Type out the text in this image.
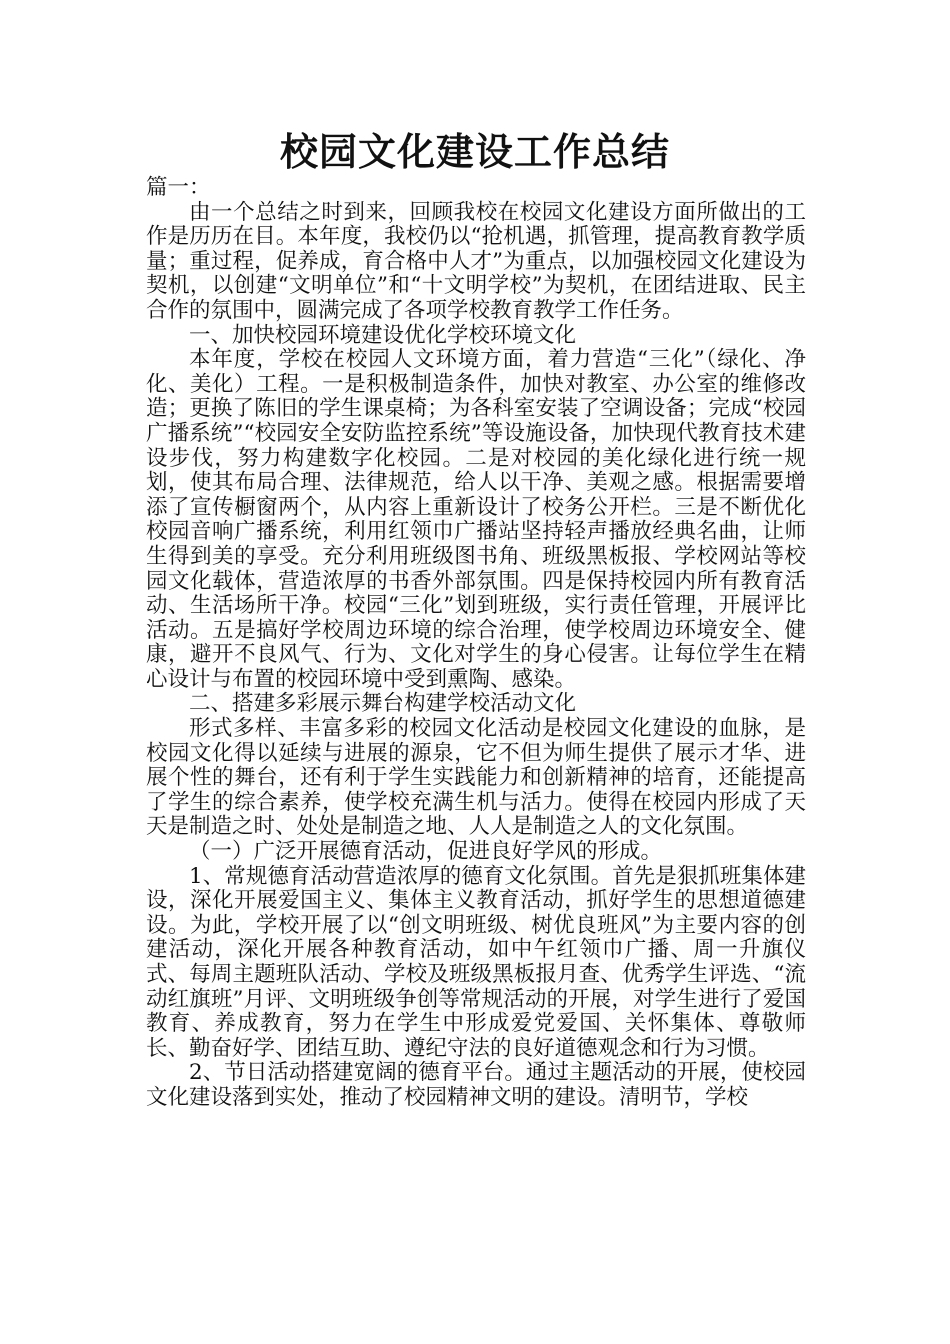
校园文化建设工作总结

篇一：

由一个总结之时到来，回顾我校在校园文化建设方面所做出的工作是历历在目。本年度，我校仍以“抢机遇，抓管理，提高教育教学质量；重过程，促养成，育合格中人才”为重点，以加强校园文化建设为契机，以创建“文明单位”和“十文明学校”为契机，在团结进取、民主合作的氛围中，圆满完成了各项学校教育教学工作任务。

一、加快校园环境建设优化学校环境文化

本年度，学校在校园人文环境方面，着力营造“三化”（绿化、净化、美化）工程。一是积极制造条件，加快对教室、办公室的维修改造；更换了陈旧的学生课桌椅；为各科室安装了空调设备；完成“校园广播系统”“校园安全安防监控系统”等设施设备，加快现代教育技术建设步伐，努力构建数字化校园。二是对校园的美化绿化进行统一规划，使其布局合理、法律规范，给人以干净、美观之感。根据需要增添了宣传橱窗两个，从内容上重新设计了校务公开栏。三是不断优化校园音响广播系统，利用红领巾广播站坚持轻声播放经典名曲，让师生得到美的享受。充分利用班级图书角、班级黑板报、学校网站等校园文化载体，营造浓厚的书香外部氛围。四是保持校园内所有教育活动、生活场所干净。校园“三化”划到班级，实行责任管理，开展评比活动。五是搞好学校周边环境的综合治理，使学校周边环境安全、健康，避开不良风气、行为、文化对学生的身心侵害。让每位学生在精心设计与布置的校园环境中受到熏陶、感染。

二、搭建多彩展示舞台构建学校活动文化

形式多样、丰富多彩的校园文化活动是校园文化建设的血脉，是校园文化得以延续与进展的源泉，它不但为师生提供了展示才华、进展个性的舞台，还有利于学生实践能力和创新精神的培育，还能提高了学生的综合素养，使学校充满生机与活力。使得在校园内形成了天天是制造之时、处处是制造之地、人人是制造之人的文化氛围。

（一）广泛开展德育活动，促进良好学风的形成。

1、常规德育活动营造浓厚的德育文化氛围。首先是狠抓班集体建设，深化开展爱国主义、集体主义教育活动，抓好学生的思想道德建设。为此，学校开展了以“创文明班级、树优良班风”为主要内容的创建活动，深化开展各种教育活动，如中午红领巾广播、周一升旗仪式、每周主题班队活动、学校及班级黑板报月查、优秀学生评选、“流动红旗班”月评、文明班级争创等常规活动的开展，对学生进行了爱国教育、养成教育，努力在学生中形成爱党爱国、关怀集体、尊敬师长、勤奋好学、团结互助、遵纪守法的良好道德观念和行为习惯。

2、节日活动搭建宽阔的德育平台。通过主题活动的开展，使校园文化建设落到实处，推动了校园精神文明的建设。清明节，学校
